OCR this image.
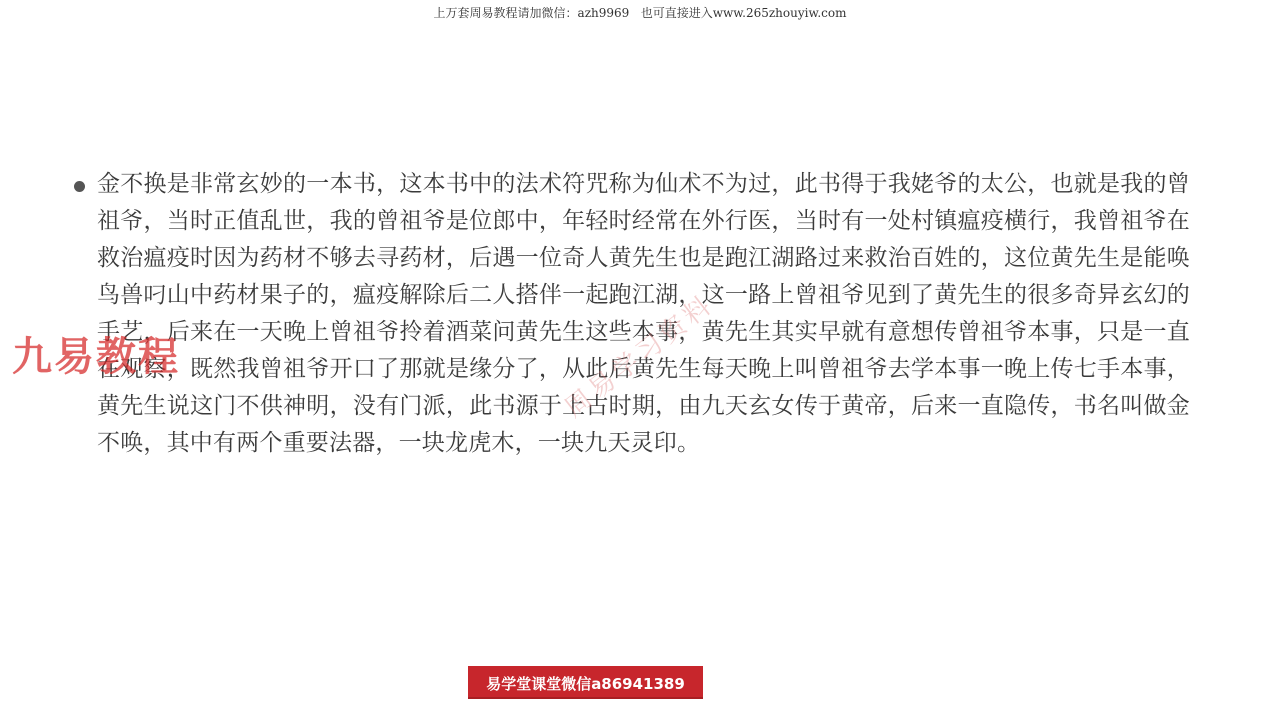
上万套周易教程请加微信：azh9969   也可直接进入www.265zhouyiw.com
金不换是非常玄妙的一本书，这本书中的法术符咒称为仙术不为过，此书得于我姥爷的太公，也就是我的曾祖爷，当时正值乱世，我的曾祖爷是位郎中，年轻时经常在外行医，当时有一处村镇瘟疫横行，我曾祖爷在救治瘟疫时因为药材不够去寻药材，后遇一位奇人黄先生也是跑江湖路过来救治百姓的，这位黄先生是能唤鸟兽叼山中药材果子的，瘟疫解除后二人搭伴一起跑江湖，这一路上曾祖爷见到了黄先生的很多奇异玄幻的手艺，后来在一天晚上曾祖爷拎着酒菜问黄先生这些本事，黄先生其实早就有意想传曾祖爷本事，只是一直在观察，既然我曾祖爷开口了那就是缘分了，从此后黄先生每天晚上叫曾祖爷去学本事一晚上传七手本事，黄先生说这门不供神明，没有门派，此书源于上古时期，由九天玄女传于黄帝，后来一直隐传，书名叫做金不唤，其中有两个重要法器，一块龙虎木，一块九天灵印。
周易学习资料
九易教程
易学堂课堂微信a86941389
